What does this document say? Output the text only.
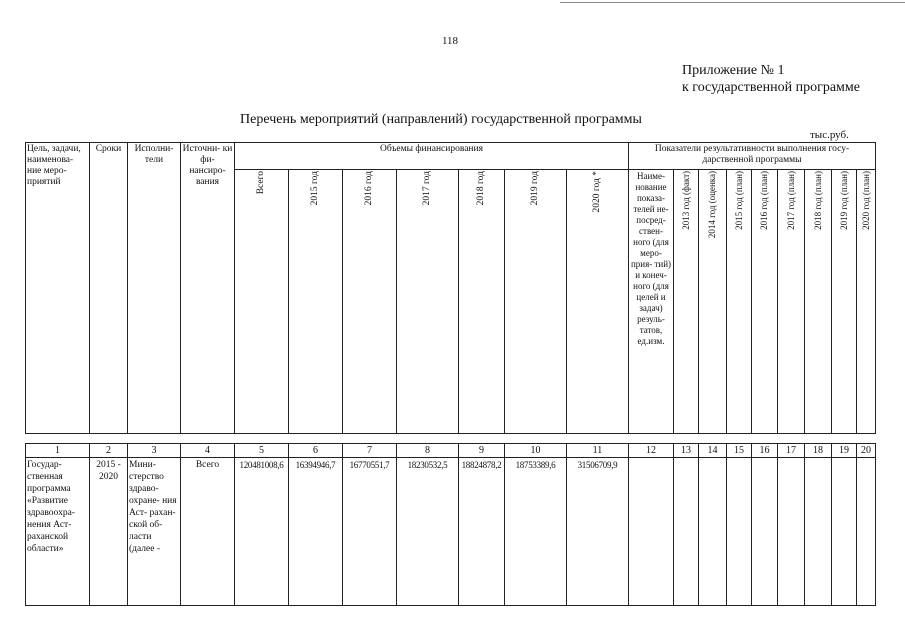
118
Приложение № 1
к государственной программе
Перечень мероприятий (направлений) государственной программы
тыс.руб.
Цель, задачи, наименова- ние меро- приятий	Сроки	Исполни- тели	Источни- ки фи- нансиро- вания	Объемы финансирования							Показатели результативности выполнения госу- дарственной программы								
				Всего	2015 год	2016 год	2017 год	2018 год	2019 год	2020 год *	Наиме- нование показа- телей не- посред- ствен- ного (для меро- прия- тий) и конеч- ного (для целей и задач) резуль- татов, ед.изм.	2013 год (факт)	2014 год (оценка)	2015 год (план)	2016 год (план)	2017 год (план)	2018 год (план)	2019 год (план)	2020 год (план)
1	2	3	4	5	6	7	8	9	10	11	12	13	14	15	16	17	18	19	20
Государ- ственная программа «Развитие здравоохра- нения Аст- раханской области»	2015 - 2020	Мини- стерство здраво- охране- ния Аст- рахан- ской об- ласти (далее -	Всего	120481008,6	16394946,7	16770551,7	18230532,5	18824878,2	18753389,6	31506709,9									
